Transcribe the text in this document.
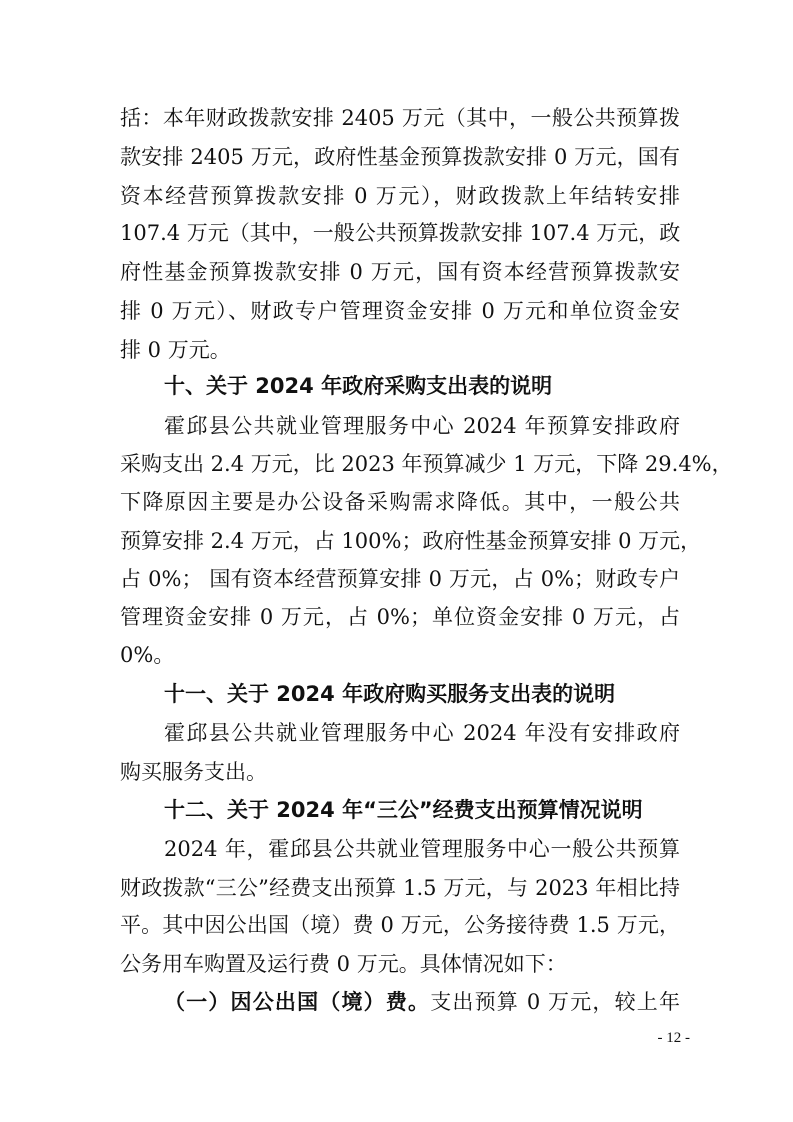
括：本年财政拨款安排 2405 万元（其中，一般公共预算拨
款安排 2405 万元，政府性基金预算拨款安排 0 万元，国有
资本经营预算拨款安排 0 万元），财政拨款上年结转安排
107.4 万元（其中，一般公共预算拨款安排 107.4 万元，政
府性基金预算拨款安排 0 万元，国有资本经营预算拨款安
排 0 万元）、财政专户管理资金安排 0 万元和单位资金安
排 0 万元。
十、关于 2024 年政府采购支出表的说明
霍邱县公共就业管理服务中心 2024 年预算安排政府
采购支出 2.4 万元，比 2023 年预算减少 1 万元，下降 29.4%，
下降原因主要是办公设备采购需求降低。其中，一般公共
预算安排 2.4 万元，占 100%；政府性基金预算安排 0 万元，
占 0%； 国有资本经营预算安排 0 万元，占 0%；财政专户
管理资金安排 0 万元，占 0%；单位资金安排 0 万元，占
0%。
十一、关于 2024 年政府购买服务支出表的说明
霍邱县公共就业管理服务中心 2024 年没有安排政府
购买服务支出。
十二、关于 2024 年“三公”经费支出预算情况说明
2024 年，霍邱县公共就业管理服务中心一般公共预算
财政拨款“三公”经费支出预算 1.5 万元，与 2023 年相比持
平。其中因公出国（境）费 0 万元，公务接待费 1.5 万元，
公务用车购置及运行费 0 万元。具体情况如下：
（一）因公出国（境）费。支出预算 0 万元，较上年
- 12 -
